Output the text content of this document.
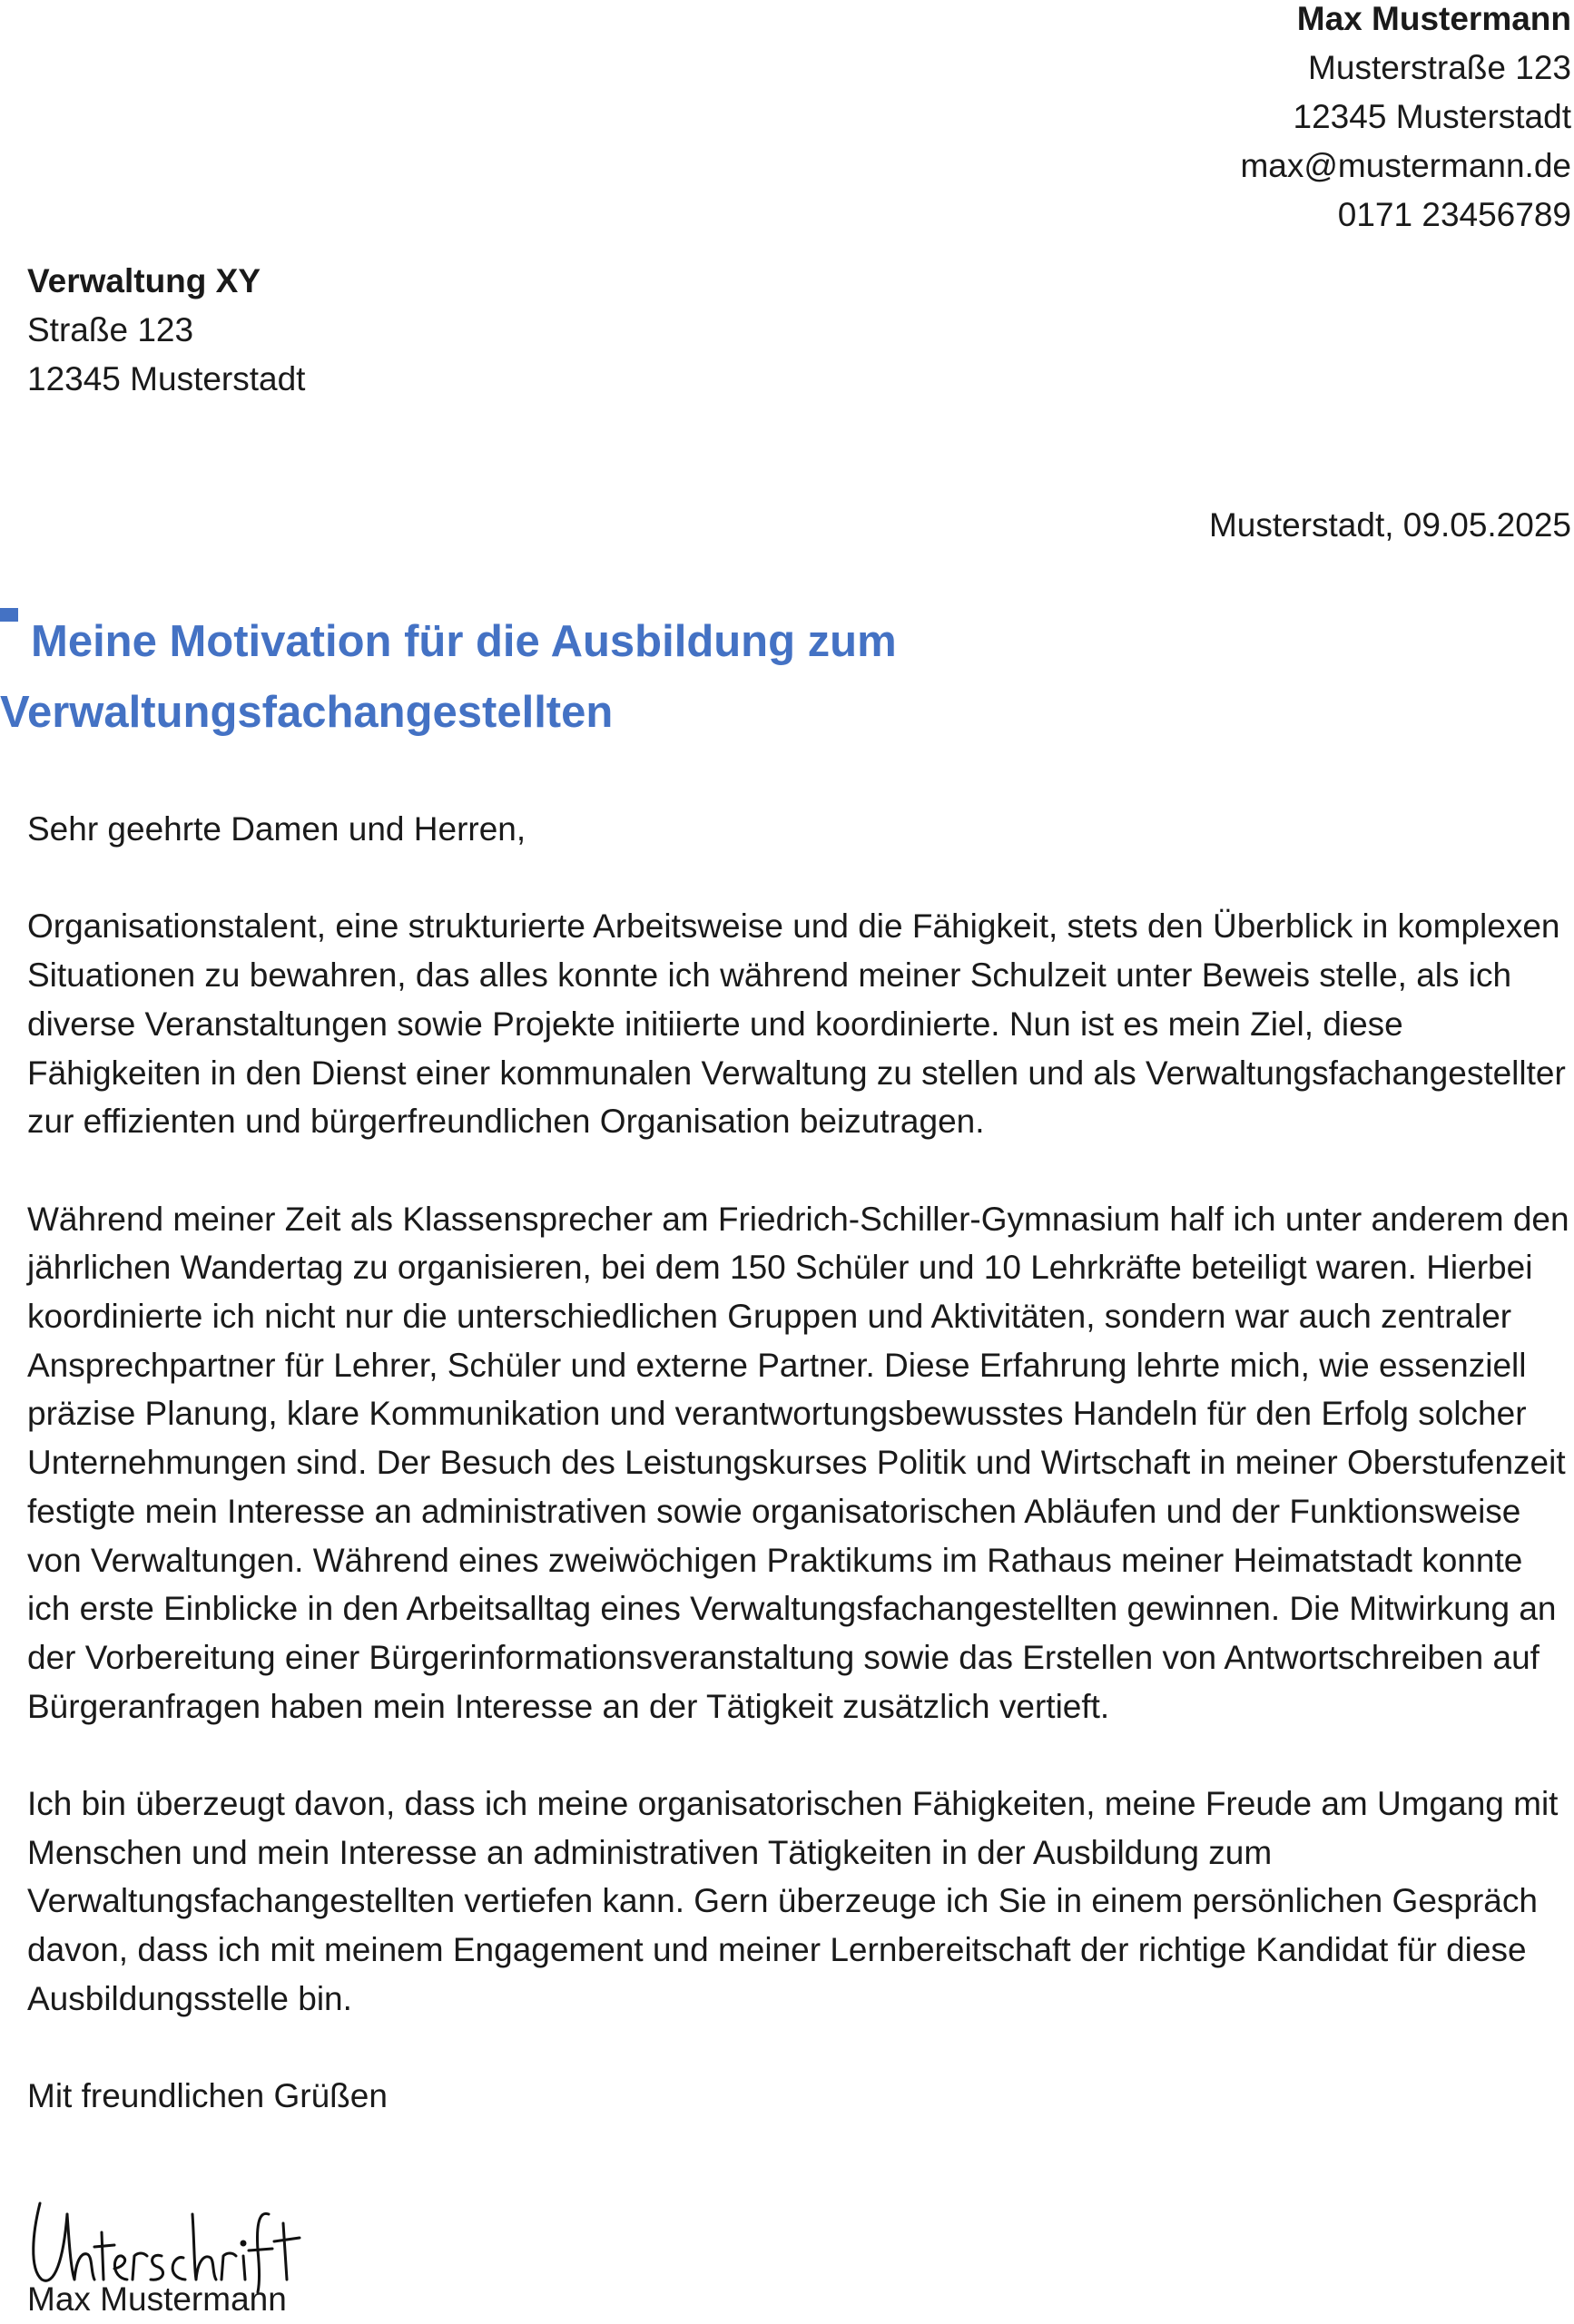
Max Mustermann
Musterstraße 123
12345 Musterstadt
max@mustermann.de
0171 23456789
Verwaltung XY
Straße 123
12345 Musterstadt
Musterstadt, 09.05.2025
Meine Motivation für die Ausbildung zum
Verwaltungsfachangestellten

Sehr geehrte Damen und Herren,

Organisationstalent, eine strukturierte Arbeitsweise und die Fähigkeit, stets den Überblick in komplexen Situationen zu bewahren, das alles konnte ich während meiner Schulzeit unter Beweis stelle, als ich diverse Veranstaltungen sowie Projekte initiierte und koordinierte. Nun ist es mein Ziel, diese Fähigkeiten in den Dienst einer kommunalen Verwaltung zu stellen und als Verwaltungsfachangestellter zur effizienten und bürgerfreundlichen Organisation beizutragen.

Während meiner Zeit als Klassensprecher am Friedrich-Schiller-Gymnasium half ich unter anderem den jährlichen Wandertag zu organisieren, bei dem 150 Schüler und 10 Lehrkräfte beteiligt waren. Hierbei koordinierte ich nicht nur die unterschiedlichen Gruppen und Aktivitäten, sondern war auch zentraler Ansprechpartner für Lehrer, Schüler und externe Partner. Diese Erfahrung lehrte mich, wie essenziell präzise Planung, klare Kommunikation und verantwortungsbewusstes Handeln für den Erfolg solcher Unternehmungen sind. Der Besuch des Leistungskurses Politik und Wirtschaft in meiner Oberstufenzeit festigte mein Interesse an administrativen sowie organisatorischen Abläufen und der Funktionsweise von Verwaltungen. Während eines zweiwöchigen Praktikums im Rathaus meiner Heimatstadt konnte ich erste Einblicke in den Arbeitsalltag eines Verwaltungsfachangestellten gewinnen. Die Mitwirkung an der Vorbereitung einer Bürgerinformationsveranstaltung sowie das Erstellen von Antwortschreiben auf Bürgeranfragen haben mein Interesse an der Tätigkeit zusätzlich vertieft.

Ich bin überzeugt davon, dass ich meine organisatorischen Fähigkeiten, meine Freude am Umgang mit Menschen und mein Interesse an administrativen Tätigkeiten in der Ausbildung zum Verwaltungsfachangestellten vertiefen kann. Gern überzeuge ich Sie in einem persönlichen Gespräch davon, dass ich mit meinem Engagement und meiner Lernbereitschaft der richtige Kandidat für diese Ausbildungsstelle bin.

Mit freundlichen Grüßen

Max Mustermann
